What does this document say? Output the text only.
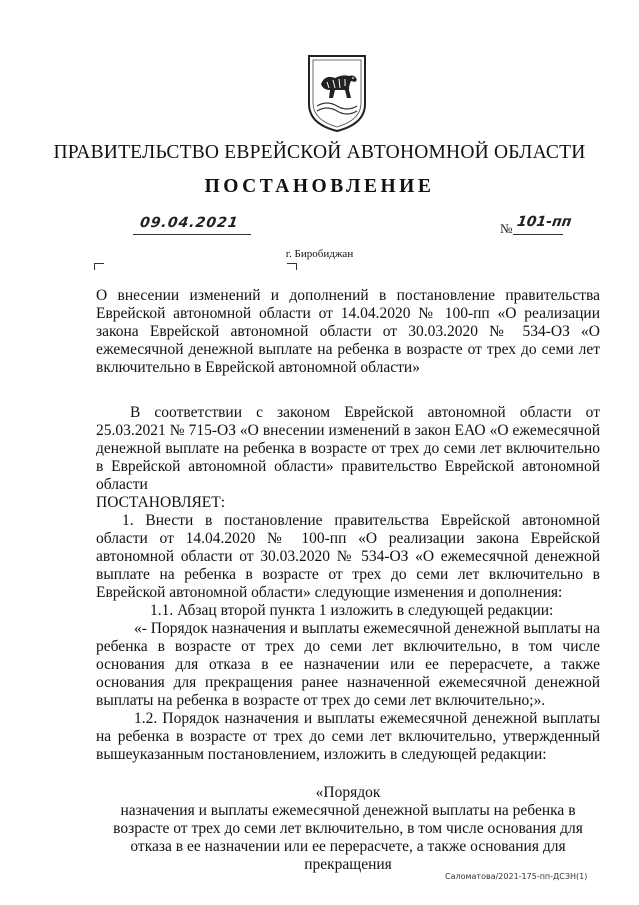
ПРАВИТЕЛЬСТВО ЕВРЕЙСКОЙ АВТОНОМНОЙ ОБЛАСТИ
ПОСТАНОВЛЕНИЕ
09.04.2021	№ 101-пп
г. Биробиджан

О внесении изменений и дополнений в постановление правительства Еврейской автономной области от 14.04.2020 № 100-пп «О реализации закона Еврейской автономной области от 30.03.2020 № 534-ОЗ «О ежемесячной денежной выплате на ребенка в возрасте от трех до семи лет включительно в Еврейской автономной области»

В соответствии с законом Еврейской автономной области от 25.03.2021 № 715-ОЗ «О внесении изменений в закон ЕАО «О ежемесячной денежной выплате на ребенка в возрасте от трех до семи лет включительно в Еврейской автономной области» правительство Еврейской автономной области

ПОСТАНОВЛЯЕТ:

1. Внести в постановление правительства Еврейской автономной области от 14.04.2020 № 100-пп «О реализации закона Еврейской автономной области от 30.03.2020 № 534-ОЗ «О ежемесячной денежной выплате на ребенка в возрасте от трех до семи лет включительно в Еврейской автономной области» следующие изменения и дополнения:

1.1. Абзац второй пункта 1 изложить в следующей редакции:

«- Порядок назначения и выплаты ежемесячной денежной выплаты на ребенка в возрасте от трех до семи лет включительно, в том числе основания для отказа в ее назначении или ее перерасчете, а также основания для прекращения ранее назначенной ежемесячной денежной выплаты на ребенка в возрасте от трех до семи лет включительно;».

1.2. Порядок назначения и выплаты ежемесячной денежной выплаты на ребенка в возрасте от трех до семи лет включительно, утвержденный вышеуказанным постановлением, изложить в следующей редакции:

«Порядок

назначения и выплаты ежемесячной денежной выплаты на ребенка в возрасте от трех до семи лет включительно, в том числе основания для отказа в ее назначении или ее перерасчете, а также основания для прекращения

Саломатова/2021-175-пп-ДСЗН(1)
